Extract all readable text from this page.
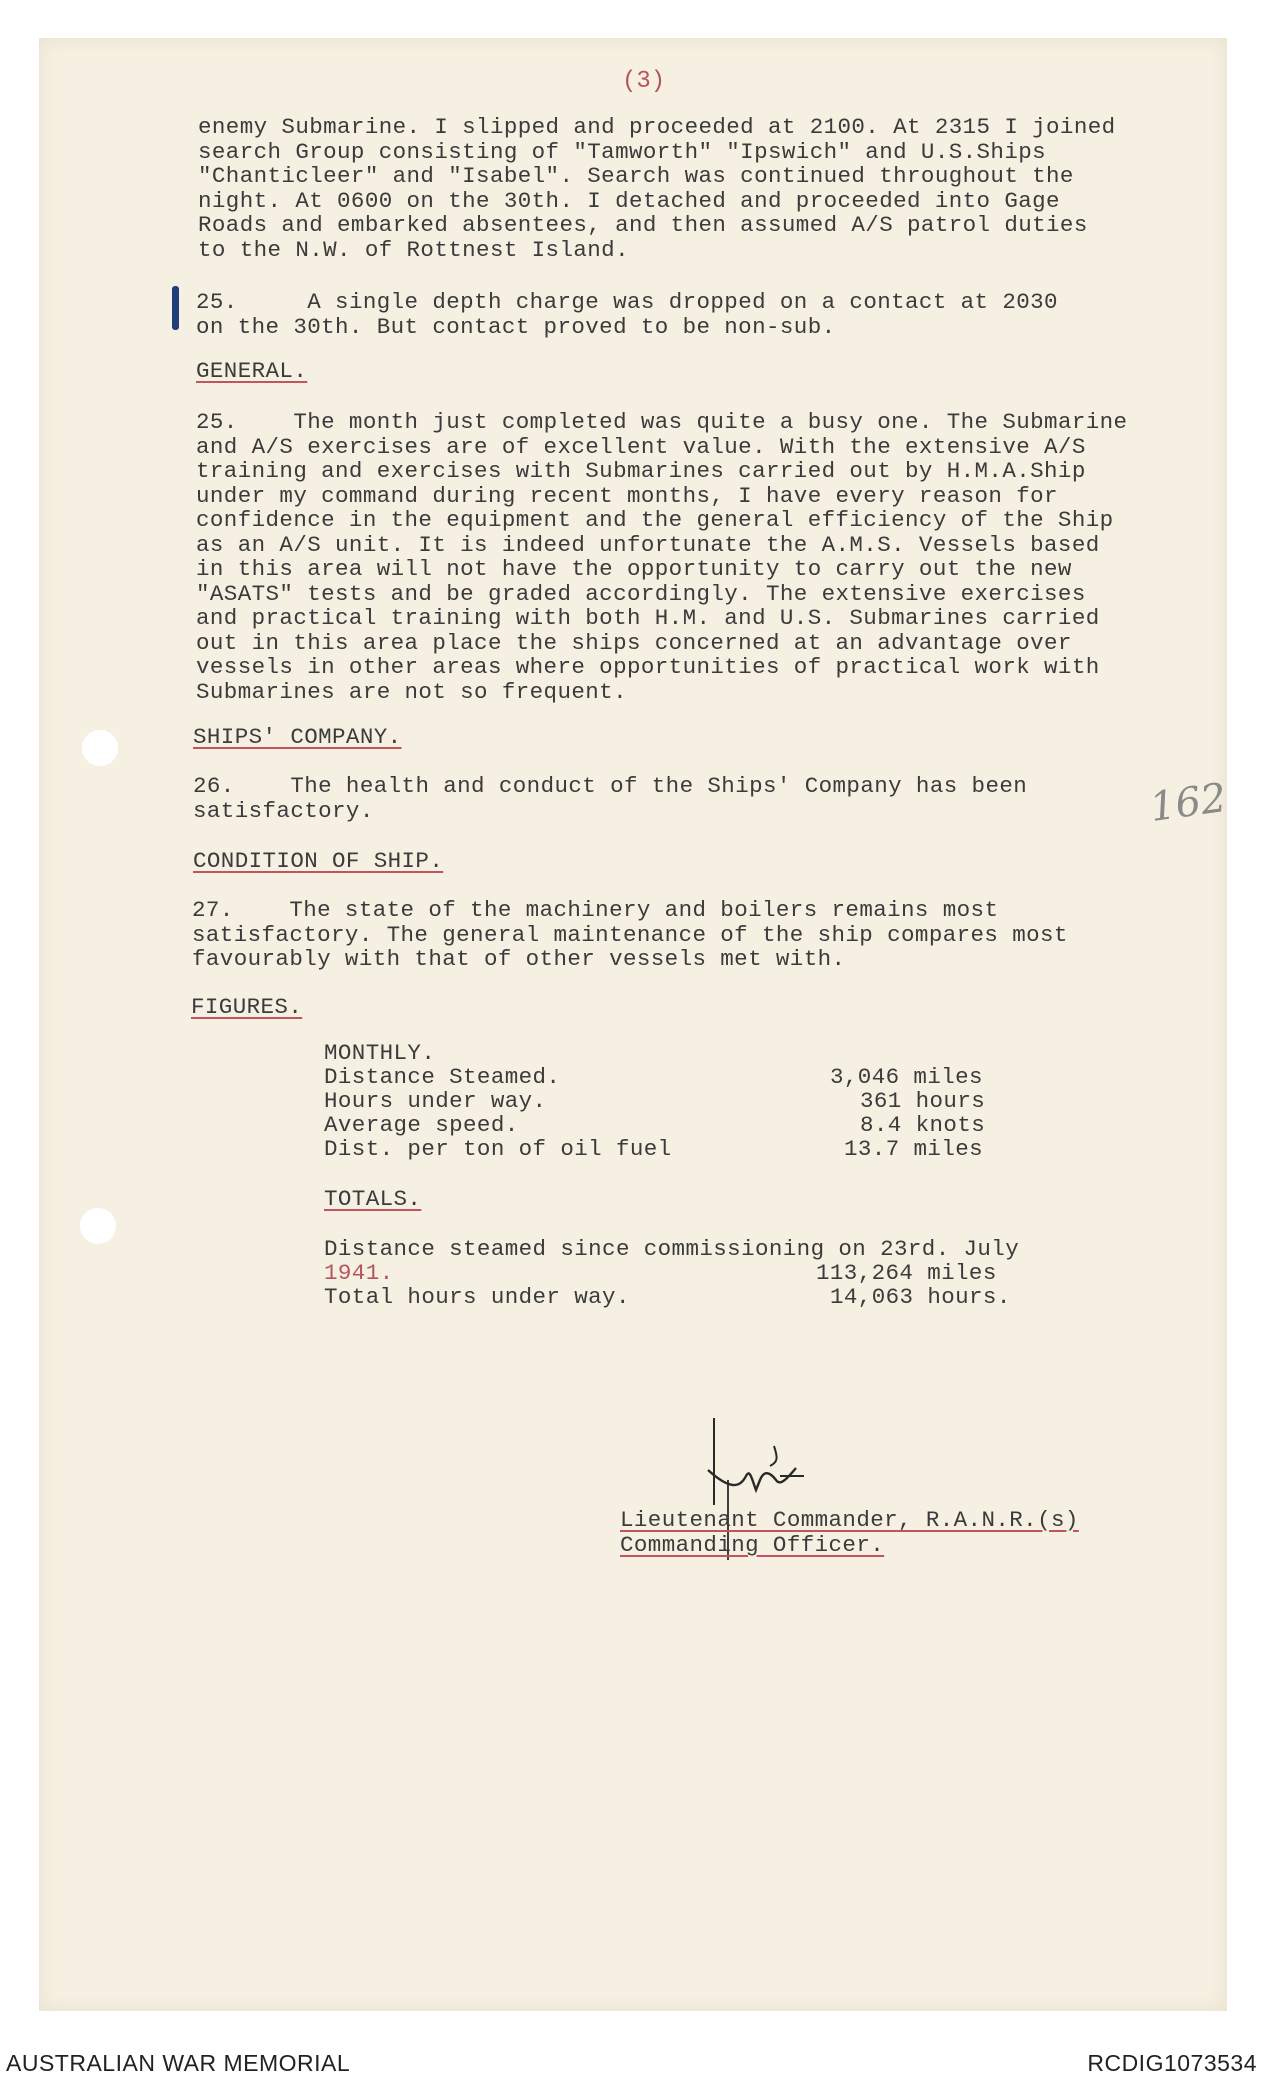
(3)
enemy Submarine. I slipped and proceeded at 2100. At 2315 I joined
search Group consisting of "Tamworth" "Ipswich" and U.S.Ships
"Chanticleer" and "Isabel". Search was continued throughout the
night. At 0600 on the 30th. I detached and proceeded into Gage
Roads and embarked absentees, and then assumed A/S patrol duties
to the N.W. of Rottnest Island.
25.	A single depth charge was dropped on a contact at 2030
on the 30th. But contact proved to be non-sub.
GENERAL.
25. The month just completed was quite a busy one. The Submarine
and A/S exercises are of excellent value. With the extensive A/S
training and exercises with Submarines carried out by H.M.A.Ship
under my command during recent months, I have every reason for
confidence in the equipment and the general efficiency of the Ship
as an A/S unit. It is indeed unfortunate the A.M.S. Vessels based
in this area will not have the opportunity to carry out the new
"ASATS" tests and be graded accordingly. The extensive exercises
and practical training with both H.M. and U.S. Submarines carried
out in this area place the ships concerned at an advantage over
vessels in other areas where opportunities of practical work with
Submarines are not so frequent.
SHIPS' COMPANY.
26. The health and conduct of the Ships' Company has been
satisfactory.	162
CONDITION OF SHIP.
27. The state of the machinery and boilers remains most
satisfactory. The general maintenance of the ship compares most
favourably with that of other vessels met with.
FIGURES.
MONTHLY.
Distance Steamed.	3,046 miles
Hours under way.	361 hours
Average speed.	8.4 knots
Dist. per ton of oil fuel	13.7 miles
TOTALS.
Distance steamed since commissioning on 23rd. July
1941.	113,264 miles
Total hours under way.	14,063 hours.
Lieutenant Commander, R.A.N.R.(s)
Commanding Officer.
AUSTRALIAN WAR MEMORIAL	RCDIG1073534
